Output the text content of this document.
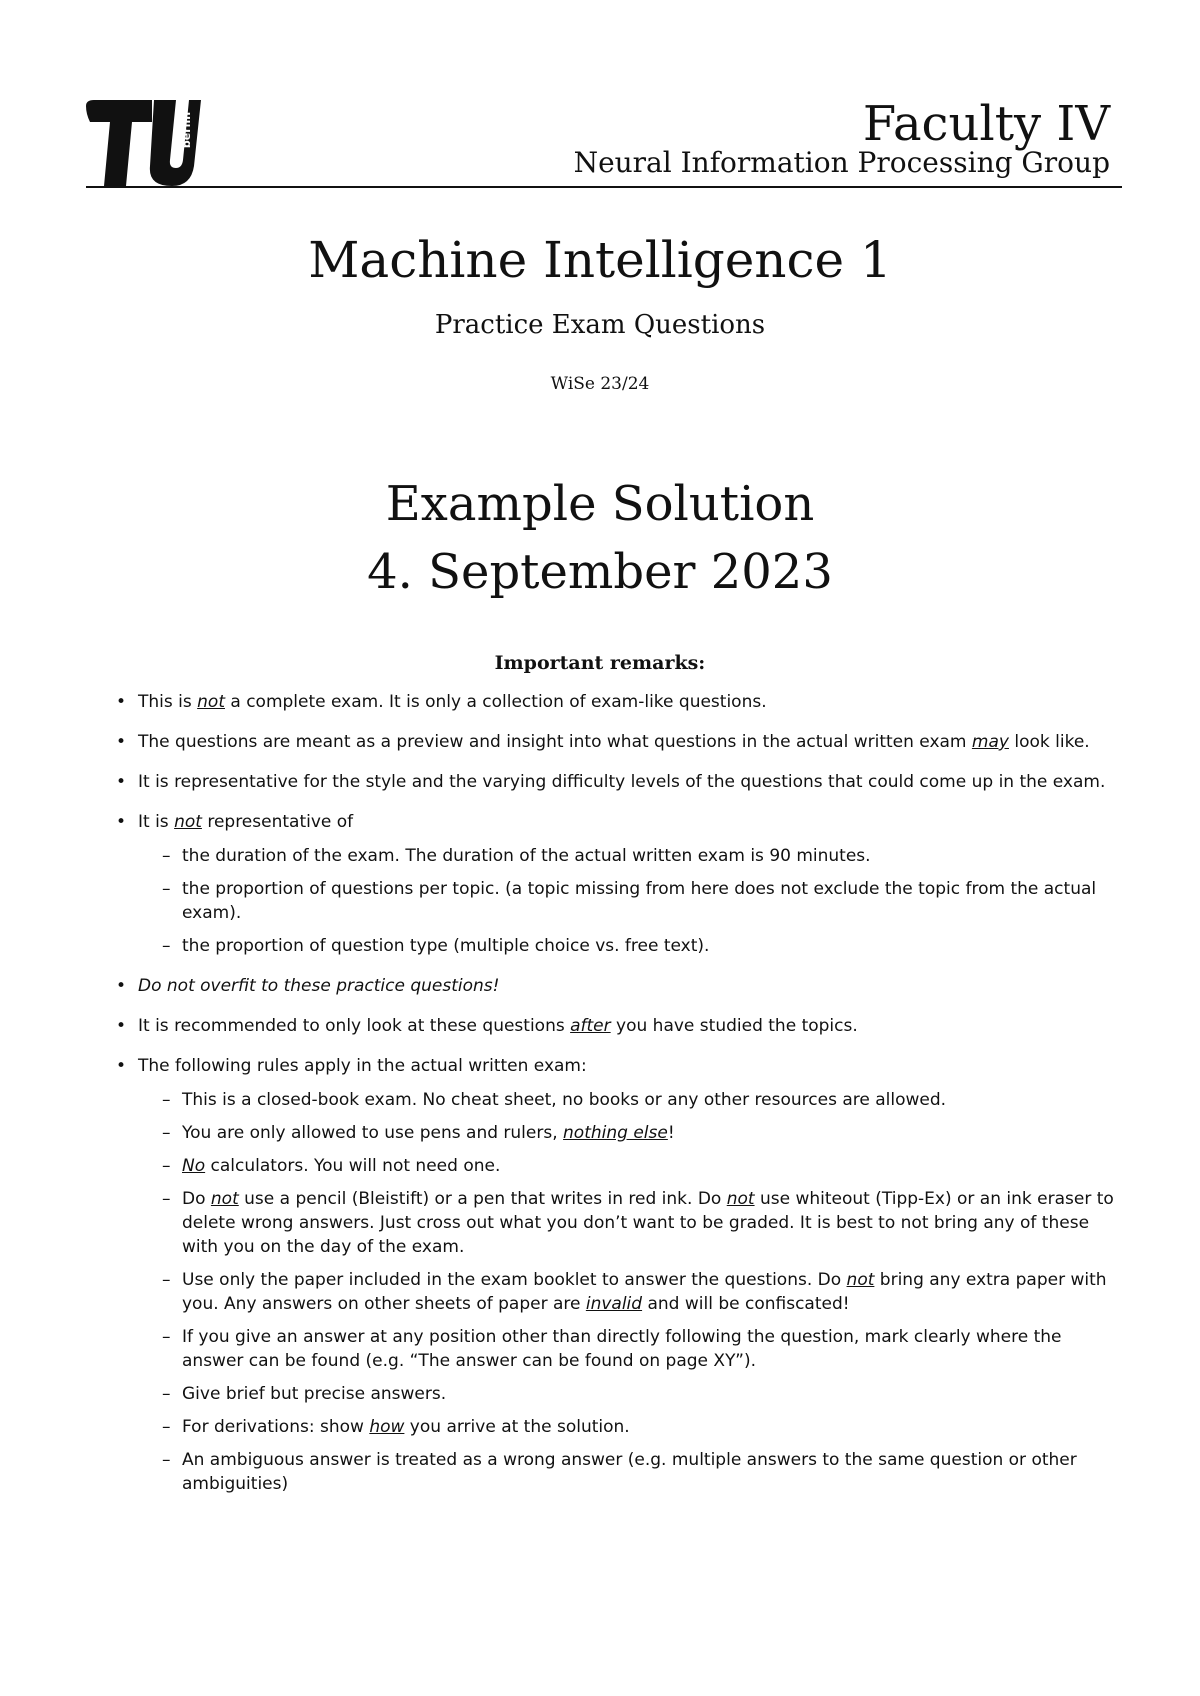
berlin	Faculty IV
Neural Information Processing Group
Machine Intelligence 1
Practice Exam Questions
WiSe 23/24
Example Solution
4. September 2023
Important remarks:
• This is not a complete exam. It is only a collection of exam-like questions.
• The questions are meant as a preview and insight into what questions in the actual written exam may look like.
• It is representative for the style and the varying difficulty levels of the questions that could come up in the exam.
• It is not representative of
– the duration of the exam. The duration of the actual written exam is 90 minutes.
– the proportion of questions per topic. (a topic missing from here does not exclude the topic from the actual exam).
– the proportion of question type (multiple choice vs. free text).
• Do not overfit to these practice questions!
• It is recommended to only look at these questions after you have studied the topics.
• The following rules apply in the actual written exam:
– This is a closed-book exam. No cheat sheet, no books or any other resources are allowed.
– You are only allowed to use pens and rulers, nothing else!
– No calculators. You will not need one.
– Do not use a pencil (Bleistift) or a pen that writes in red ink. Do not use whiteout (Tipp-Ex) or an ink eraser to delete wrong answers. Just cross out what you don’t want to be graded. It is best to not bring any of these with you on the day of the exam.
– Use only the paper included in the exam booklet to answer the questions. Do not bring any extra paper with you. Any answers on other sheets of paper are invalid and will be confiscated!
– If you give an answer at any position other than directly following the question, mark clearly where the answer can be found (e.g. “The answer can be found on page XY”).
– Give brief but precise answers.
– For derivations: show how you arrive at the solution.
– An ambiguous answer is treated as a wrong answer (e.g. multiple answers to the same question or other ambiguities)
